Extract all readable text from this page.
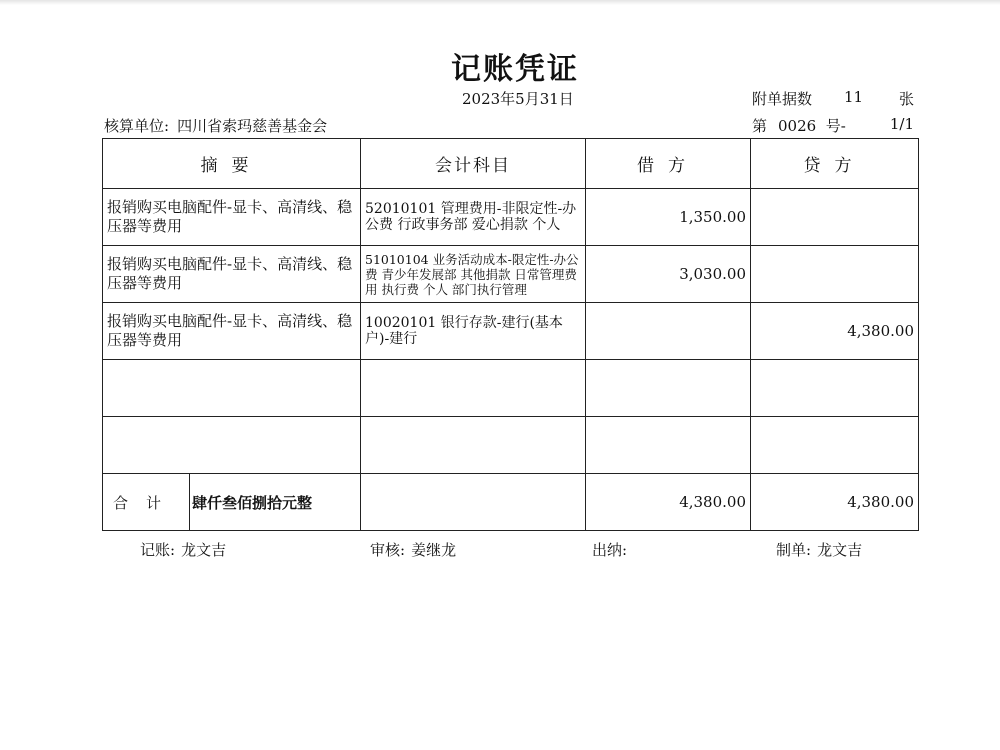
记账凭证
2023年5月31日	附单据数 11 张
核算单位: 四川省索玛慈善基金会	第 0026 号-	1/1
摘要	会计科目	借方	贷方
报销购买电脑配件-显卡、高清线、稳压器等费用	52010101 管理费用-非限定性-办公费 行政事务部 爱心捐款 个人	1,350.00	
报销购买电脑配件-显卡、高清线、稳压器等费用	51010104 业务活动成本-限定性-办公费 青少年发展部 其他捐款 日常管理费用 执行费 个人 部门执行管理	3,030.00	
报销购买电脑配件-显卡、高清线、稳压器等费用	10020101 银行存款-建行(基本户)-建行		4,380.00

合计 肆仟叁佰捌拾元整		4,380.00	4,380.00
记账: 龙文吉	审核: 姜继龙	出纳:	制单: 龙文吉
